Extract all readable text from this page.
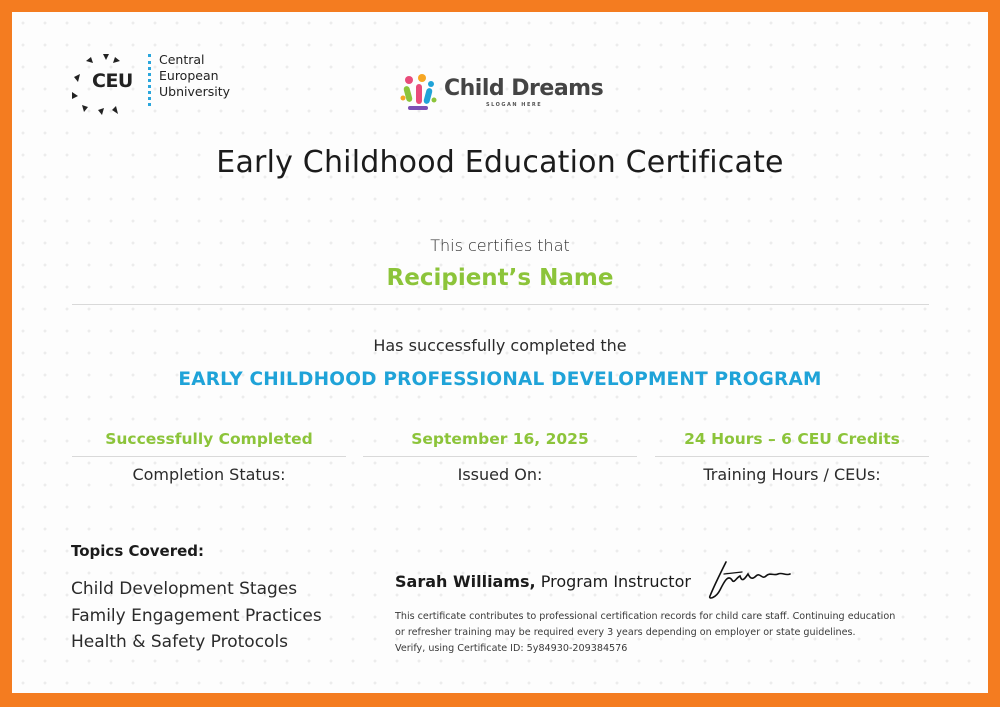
CEU
Central
European
Ubniversity	Child Dreams
SLOGAN HERE
Early Childhood Education Certificate
This certifies that
Recipient’s Name
Has successfully completed the
EARLY CHILDHOOD PROFESSIONAL DEVELOPMENT PROGRAM
Successfully Completed
Completion Status:
September 16, 2025
Issued On:
24 Hours – 6 CEU Credits
Training Hours / CEUs:
Topics Covered:
Child Development Stages
Family Engagement Practices
Health & Safety Protocols
Sarah Williams, Program Instructor
This certificate contributes to professional certification records for child care staff. Continuing education
or refresher training may be required every 3 years depending on employer or state guidelines.
Verify, using Certificate ID: 5y84930-209384576
